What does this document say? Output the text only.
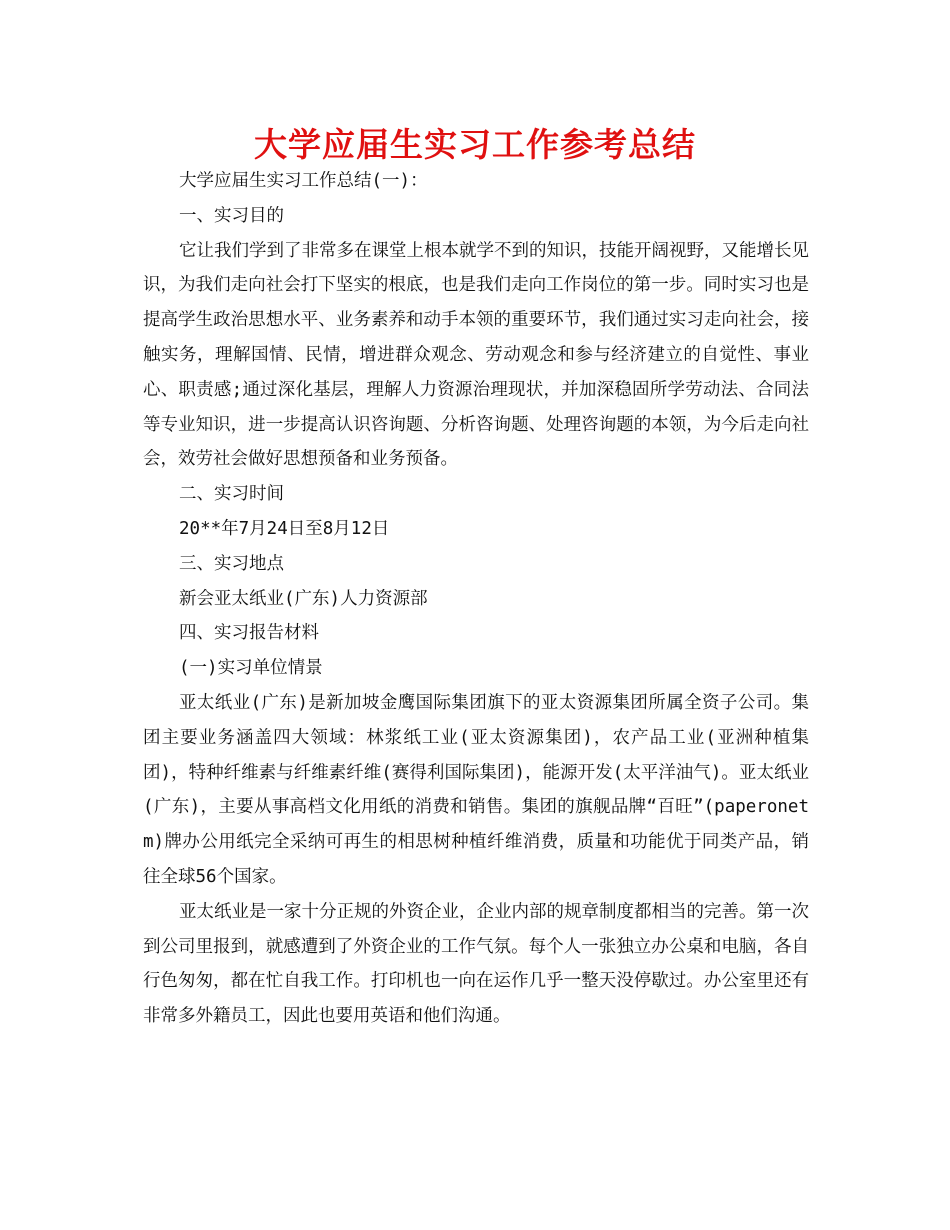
大学应届生实习工作参考总结

大学应届生实习工作总结(一)：

一、实习目的

它让我们学到了非常多在课堂上根本就学不到的知识，技能开阔视野，又能增长见识，为我们走向社会打下坚实的根底，也是我们走向工作岗位的第一步。同时实习也是提高学生政治思想水平、业务素养和动手本领的重要环节，我们通过实习走向社会，接触实务，理解国情、民情，增进群众观念、劳动观念和参与经济建立的自觉性、事业心、职责感;通过深化基层，理解人力资源治理现状，并加深稳固所学劳动法、合同法等专业知识，进一步提高认识咨询题、分析咨询题、处理咨询题的本领，为今后走向社会，效劳社会做好思想预备和业务预备。

二、实习时间

20**年7月24日至8月12日

三、实习地点

新会亚太纸业(广东)人力资源部

四、实习报告材料

(一)实习单位情景

亚太纸业(广东)是新加坡金鹰国际集团旗下的亚太资源集团所属全资子公司。集团主要业务涵盖四大领域：林浆纸工业(亚太资源集团)，农产品工业(亚洲种植集团)，特种纤维素与纤维素纤维(赛得利国际集团)，能源开发(太平洋油气)。亚太纸业(广东)，主要从事高档文化用纸的消费和销售。集团的旗舰品牌“百旺”(paperonetm)牌办公用纸完全采纳可再生的相思树种植纤维消费，质量和功能优于同类产品，销往全球56个国家。

亚太纸业是一家十分正规的外资企业，企业内部的规章制度都相当的完善。第一次到公司里报到，就感遭到了外资企业的工作气氛。每个人一张独立办公桌和电脑，各自行色匆匆，都在忙自我工作。打印机也一向在运作几乎一整天没停歇过。办公室里还有非常多外籍员工，因此也要用英语和他们沟通。
